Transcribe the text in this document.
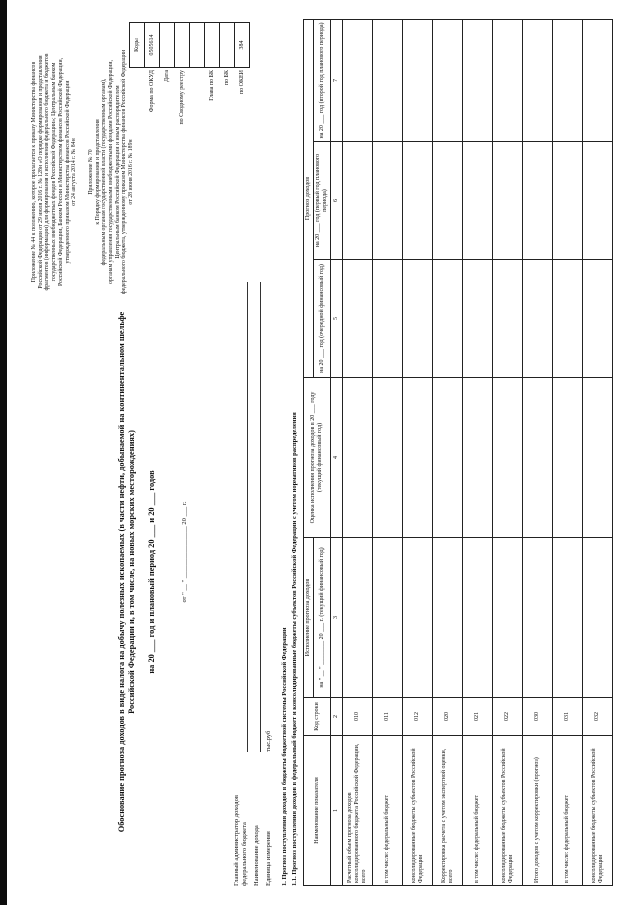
Приложение № 44 к положению, которое прилагается к приказу Министерства финансов Российской Федерации от 29 июля 2016 г. № 128н «О порядке формирования и представления фрагментов (информации) для формирования и исполнения федерального бюджета и бюджетов государственных внебюджетных фондов Российской Федерации»; Центральным банком Российской Федерации, Банком России и Министерством финансов Российской Федерации, утвержденного приказом Министерства финансов Российской Федерации от 24 августа 2014 г. № 84н Приложение № 70 к Порядку формирования и представления федеральным органам государственной власти (государственным органам), органам управления государственными внебюджетными фондами Российской Федерации, Центральным банком Российской Федерации и иным распорядителем федерального бюджета, утвержденному приказом Министерства финансов Российской Федерации от 28 июня 2016 г. № 189н
Обоснование прогноза доходов в виде налога на добычу полезных ископаемых (в части нефти, добываемой на континентальном шельфе Российской Федерации и, в том числе, на новых морских месторождениях) на 20 ___ год и плановый период 20 ___ и 20 ___ годов	от " __ " ________________ 20 ___ г.
	Коды
Форма по ОКУД	0505614
Дата	
по Сводному реестру	

Глава по БК	
по БК	
по ОКЕИ	384
Главный администратор доходов федерального бюджета Наименование дохода Единица измерения
тыс.руб 1. Прогноз поступления доходов в бюджеты бюджетной системы Российской Федерации 1.1. Прогноз поступления доходов в федеральный бюджет и консолидированные бюджеты субъектов Российской Федерации с учетом нормативов распределения	Наименование показателя	Код строки	Исполнение прогноза доходов	Оценка исполнения прогноза доходов в 20 ___ году (текущий финансовый год)	Прогноз доходов		
		на " __ " ________ 20 ___ г. (текущий финансовый год)		на 20 ___ год (очередной финансовый год)	на 20 ___ год (первый год планового периода)	на 20 ___ год (второй год планового периода)

1	2	3	4	5	6	7
Расчетный объем прогноза доходов консолидированного бюджета Российской Федерации, всего	010					
в том числе: федеральный бюджет	011					
консолидированные бюджеты субъектов Российской Федерации	012					
Корректировка расчета с учетом экспертной оценки, всего	020					
в том числе: федеральный бюджет	021					
консолидированные бюджеты субъектов Российской Федерации	022					
Итого доходов с учетом корректировки (прогноз)	030					
в том числе: федеральный бюджет	031					
консолидированные бюджеты субъектов Российской Федерации	032					
